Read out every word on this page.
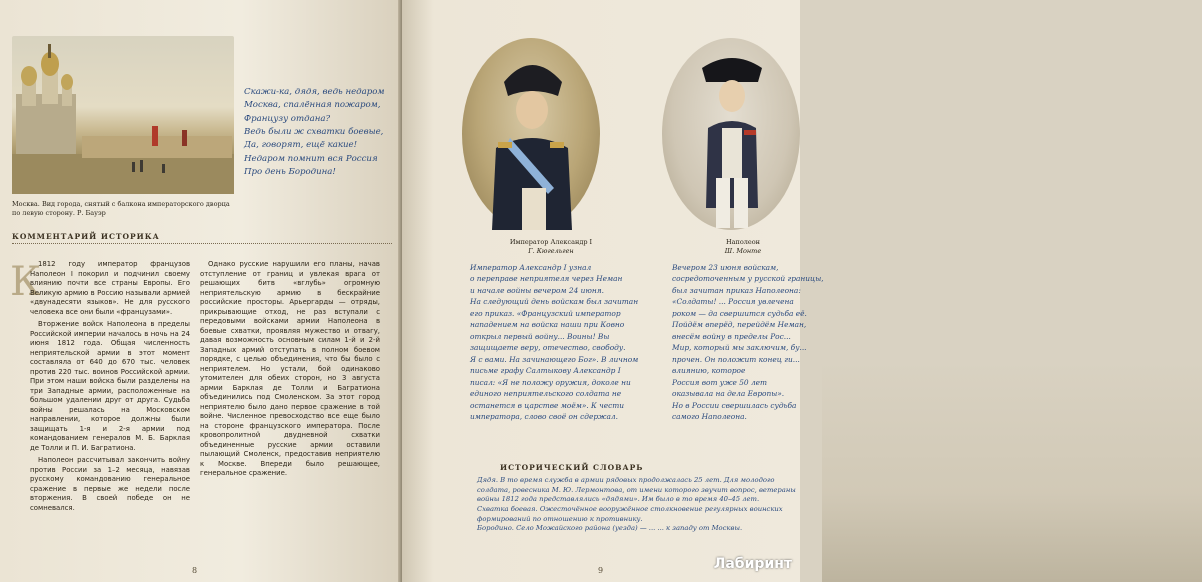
Москва. Вид города, снятый с балкона императорского дворца по левую сторону. Р. Бауэр
Скажи-ка, дядя, ведь недаром
Москва, спалённая пожаром,
Французу отдана?
Ведь были ж схватки боевые,
Да, говорят, ещё какие!
Недаром помнит вся Россия
Про день Бородина!
КОММЕНТАРИЙ ИСТОРИКА
К

1812 году император французов Наполеон I покорил и подчинил своему влиянию почти все страны Европы. Его Великую армию в Россию называли армией «двунадесяти языков». Не для русского человека все они были «французами».

Вторжение войск Наполеона в пределы Российской империи началось в ночь на 24 июня 1812 года. Общая численность неприятельской армии в этот момент составляла от 640 до 670 тыс. человек против 220 тыс. воинов Российской армии. При этом наши войска были разделены на три Западные армии, расположенные на большом удалении друг от друга. Судьба войны решалась на Московском направлении, которое должны были защищать 1-я и 2-я армии под командованием генералов М. Б. Барклая де Толли и П. И. Багратиона.

Наполеон рассчитывал закончить войну против России за 1–2 месяца, навязав русскому командованию генеральное сражение в первые же недели после вторжения. В своей победе он не сомневался.

Однако русские нарушили его планы, начав отступление от границ и увлекая врага от решающих битв «вглубь» огромную неприятельскую армию в бескрайние российские просторы. Арьергарды — отряды, прикрывающие отход, не раз вступали с передовыми войсками армии Наполеона в боевые схватки, проявляя мужество и отвагу, давая возможность основным силам 1-й и 2-й Западных армий отступать в полном боевом порядке, с целью объединения, что бы было с неприятелем. Но устали, бой одинаково утомителен для обеих сторон, но 3 августа армии Барклая де Толли и Багратиона объединились под Смоленском. За этот город неприятелю было дано первое сражение в той войне. Численное превосходство все еще было на стороне французского императора. После кровопролитной двудневной схватки объединенные русские армии оставили пылающий Смоленск, предоставив неприятелю к Москве. Впереди было решающее, генеральное сражение.

8
Император Александр I
Г. Кюгельген
Наполеон
Ш. Монте
Император Александр I узнал
о переправе неприятеля через Неман
и начале войны вечером 24 июня.
На следующий день войскам был зачитан
его приказ. «Французский император
нападением на войска наши при Ковно
открыл первый войну... Воины! Вы
защищаете веру, отечество, свободу.
Я с вами. На зачинающего Бог». В личном
письме графу Салтыкову Александр I
писал: «Я не положу оружия, доколе ни
единого неприятельского солдата не
останется в царстве моём». К чести
императора, слово своё он сдержал.
Вечером 23 июня войскам,
сосредоточенным у русской границы,
был зачитан приказ Наполеона:
«Солдаты! ... Россия увлечена
роком — да свершится судьба её.
Пойдём вперёд, перейдём Неман,
внесём войну в пределы Рос...
Мир, который мы заключим, бу...
прочен. Он положит конец ги...
влиянию, которое
Россия вот уже 50 лет
оказывала на дела Европы».
Но в России свершилась судьба
самого Наполеона.
ИСТОРИЧЕСКИЙ СЛОВАРЬ
Дядя. В то время служба в армии рядовых продолжалась 25 лет. Для молодого
солдата, ровесника М. Ю. Лермонтова, от имени которого звучит вопрос, ветераны
войны 1812 года представлялись «дядями». Им было в то время 40–45 лет.
Схватка боевая. Ожесточённое вооружённое столкновение регулярных воинских
формирований по отношению к противнику.
Бородино. Село Можайского района (уезда) — ... ... к западу от Москвы.
9	Лабиринт
